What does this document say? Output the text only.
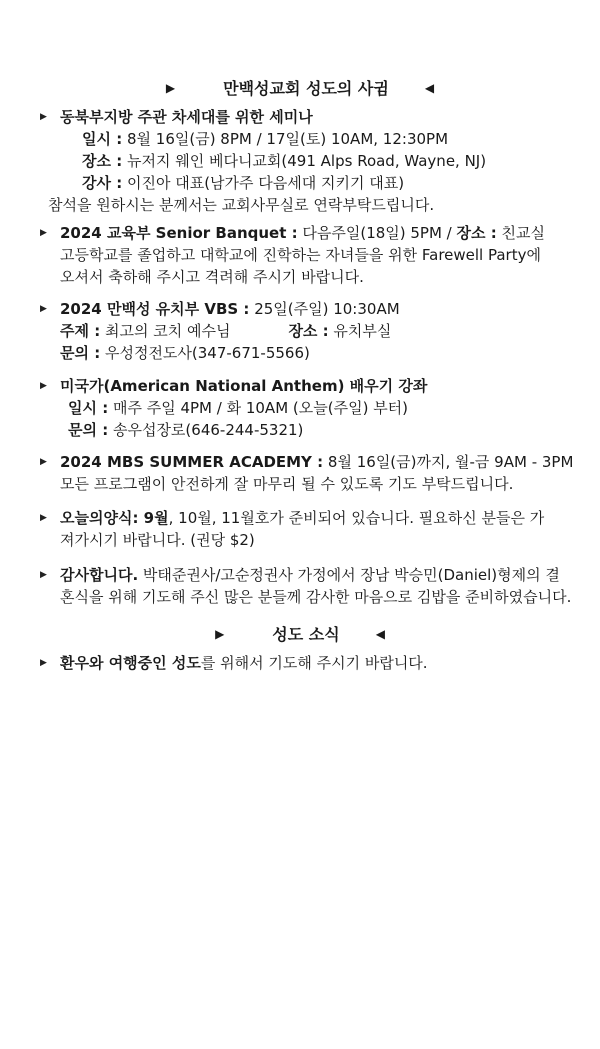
▶	만백성교회 성도의 사귐	◀
▶ 동북부지방 주관 차세대를 위한 세미나
일시 : 8월 16일(금) 8PM / 17일(토) 10AM, 12:30PM
장소 : 뉴저지 웨인 베다니교회(491 Alps Road, Wayne, NJ)
강사 : 이진아 대표(남가주 다음세대 지키기 대표)
참석을 원하시는 분께서는 교회사무실로 연락부탁드립니다.
▶ 2024 교육부 Senior Banquet : 다음주일(18일) 5PM / 장소 : 친교실
고등학교를 졸업하고 대학교에 진학하는 자녀들을 위한 Farewell Party에
오셔서 축하해 주시고 격려해 주시기 바랍니다.
▶ 2024 만백성 유치부 VBS : 25일(주일) 10:30AM
주제 : 최고의 코치 예수님	장소 : 유치부실
문의 : 우성정전도사(347-671-5566)
▶ 미국가(American National Anthem) 배우기 강좌
일시 : 매주 주일 4PM / 화 10AM (오늘(주일) 부터)
문의 : 송우섭장로(646-244-5321)
▶ 2024 MBS SUMMER ACADEMY : 8월 16일(금)까지, 월-금 9AM - 3PM
모든 프로그램이 안전하게 잘 마무리 될 수 있도록 기도 부탁드립니다.
▶ 오늘의양식: 9월, 10월, 11월호가 준비되어 있습니다. 필요하신 분들은 가
져가시기 바랍니다. (권당 $2)
▶ 감사합니다. 박태준권사/고순정권사 가정에서 장남 박승민(Daniel)형제의 결
혼식을 위해 기도해 주신 많은 분들께 감사한 마음으로 김밥을 준비하였습니다.
▶	성도 소식	◀
▶ 환우와 여행중인 성도를 위해서 기도해 주시기 바랍니다.
